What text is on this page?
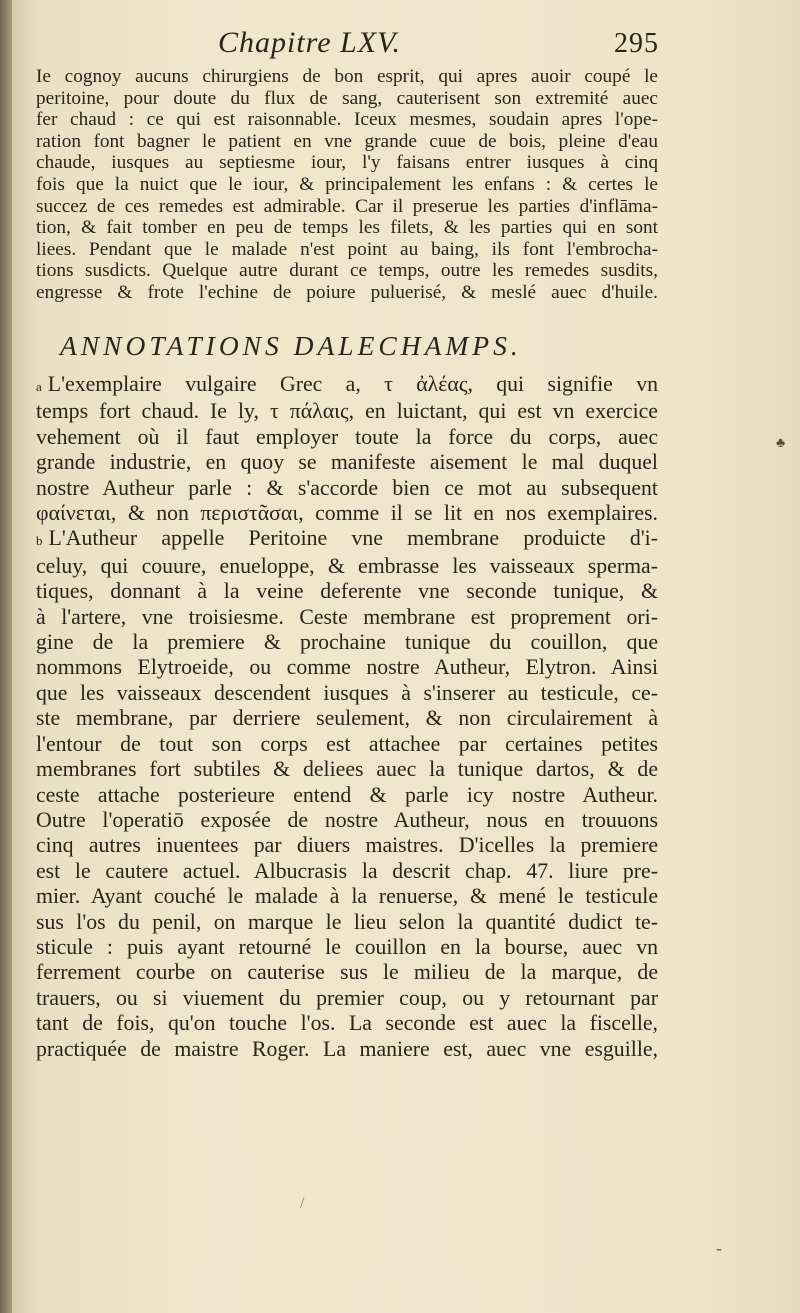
Chapitre LXV.	295
Ie cognoy aucuns chirurgiens de bon esprit, qui apres auoir coupé le
peritoine, pour doute du flux de sang, cauterisent son extremité auec
fer chaud : ce qui est raisonnable. Iceux mesmes, soudain apres l'ope-
ration font bagner le patient en vne grande cuue de bois, pleine d'eau
chaude, iusques au septiesme iour, l'y faisans entrer iusques à cinq
fois que la nuict que le iour, & principalement les enfans : & certes le
succez de ces remedes est admirable. Car il preserue les parties d'inflāma-
tion, & fait tomber en peu de temps les filets, & les parties qui en sont
liees. Pendant que le malade n'est point au baing, ils font l'embrocha-
tions susdicts. Quelque autre durant ce temps, outre les remedes susdits,
engresse & frote l'echine de poiure puluerisé, & meslé auec d'huile.
ANNOTATIONS DALECHAMPS.
a L'exemplaire vulgaire Grec a, τ ἀλέας, qui signifie vn
temps fort chaud. Ie ly, τ πάλαις, en luictant, qui est vn exercice
vehement où il faut employer toute la force du corps, auec
grande industrie, en quoy se manifeste aisement le mal duquel
nostre Autheur parle : & s'accorde bien ce mot au subsequent
φαίνεται, & non περιστᾶσαι, comme il se lit en nos exemplaires.
b L'Autheur appelle Peritoine vne membrane produicte d'i-
celuy, qui couure, enueloppe, & embrasse les vaisseaux sperma-
tiques, donnant à la veine deferente vne seconde tunique, &
à l'artere, vne troisiesme. Ceste membrane est proprement ori-
gine de la premiere & prochaine tunique du couillon, que
nommons Elytroeide, ou comme nostre Autheur, Elytron. Ainsi
que les vaisseaux descendent iusques à s'inserer au testicule, ce-
ste membrane, par derriere seulement, & non circulairement à
l'entour de tout son corps est attachee par certaines petites
membranes fort subtiles & deliees auec la tunique dartos, & de
ceste attache posterieure entend & parle icy nostre Autheur.
Outre l'operatiō exposée de nostre Autheur, nous en trouuons
cinq autres inuentees par diuers maistres. D'icelles la premiere
est le cautere actuel. Albucrasis la descrit chap. 47. liure pre-
mier. Ayant couché le malade à la renuerse, & mené le testicule
sus l'os du penil, on marque le lieu selon la quantité dudict te-
sticule : puis ayant retourné le couillon en la bourse, auec vn
ferrement courbe on cauterise sus le milieu de la marque, de
trauers, ou si viuement du premier coup, ou y retournant par
tant de fois, qu'on touche l'os. La seconde est auec la fiscelle,
practiquée de maistre Roger. La maniere est, auec vne esguille,
♣
-
/
